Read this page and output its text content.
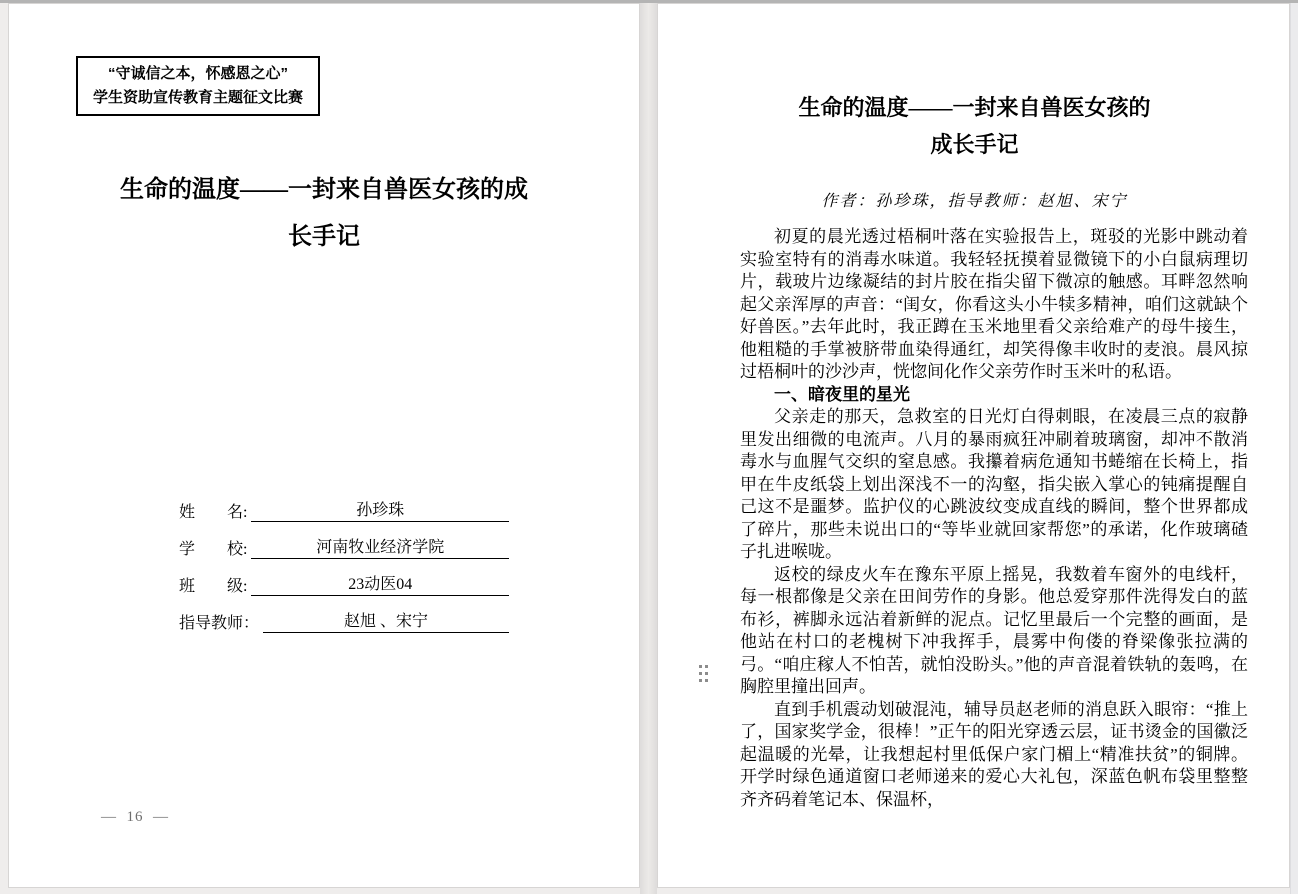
“守诚信之本，怀感恩之心”
学生资助宣传教育主题征文比赛
生命的温度——一封来自兽医女孩的成
长手记
姓　　名:	孙珍珠
学　　校:	河南牧业经济学院
班　　级:	23动医04
指导教师：	赵旭 、宋宁
—  16  —
生命的温度——一封来自兽医女孩的
成长手记
作者：孙珍珠，指导教师：赵旭、宋宁

初夏的晨光透过梧桐叶落在实验报告上，斑驳的光影中跳动着实验室特有的消毒水味道。我轻轻抚摸着显微镜下的小白鼠病理切片，载玻片边缘凝结的封片胶在指尖留下微凉的触感。耳畔忽然响起父亲浑厚的声音：“闺女，你看这头小牛犊多精神，咱们这就缺个好兽医。”去年此时，我正蹲在玉米地里看父亲给难产的母牛接生，他粗糙的手掌被脐带血染得通红，却笑得像丰收时的麦浪。晨风掠过梧桐叶的沙沙声，恍惚间化作父亲劳作时玉米叶的私语。

一、暗夜里的星光

父亲走的那天，急救室的日光灯白得刺眼，在凌晨三点的寂静里发出细微的电流声。八月的暴雨疯狂冲刷着玻璃窗，却冲不散消毒水与血腥气交织的窒息感。我攥着病危通知书蜷缩在长椅上，指甲在牛皮纸袋上划出深浅不一的沟壑，指尖嵌入掌心的钝痛提醒自己这不是噩梦。监护仪的心跳波纹变成直线的瞬间，整个世界都成了碎片，那些未说出口的“等毕业就回家帮您”的承诺，化作玻璃碴子扎进喉咙。

返校的绿皮火车在豫东平原上摇晃，我数着车窗外的电线杆，每一根都像是父亲在田间劳作的身影。他总爱穿那件洗得发白的蓝布衫，裤脚永远沾着新鲜的泥点。记忆里最后一个完整的画面，是他站在村口的老槐树下冲我挥手，晨雾中佝偻的脊梁像张拉满的弓。“咱庄稼人不怕苦，就怕没盼头。”他的声音混着铁轨的轰鸣，在胸腔里撞出回声。

直到手机震动划破混沌，辅导员赵老师的消息跃入眼帘：“推上了，国家奖学金，很棒！”正午的阳光穿透云层，证书烫金的国徽泛起温暖的光晕，让我想起村里低保户家门楣上“精准扶贫”的铜牌。开学时绿色通道窗口老师递来的爱心大礼包，深蓝色帆布袋里整整齐齐码着笔记本、保温杯，
